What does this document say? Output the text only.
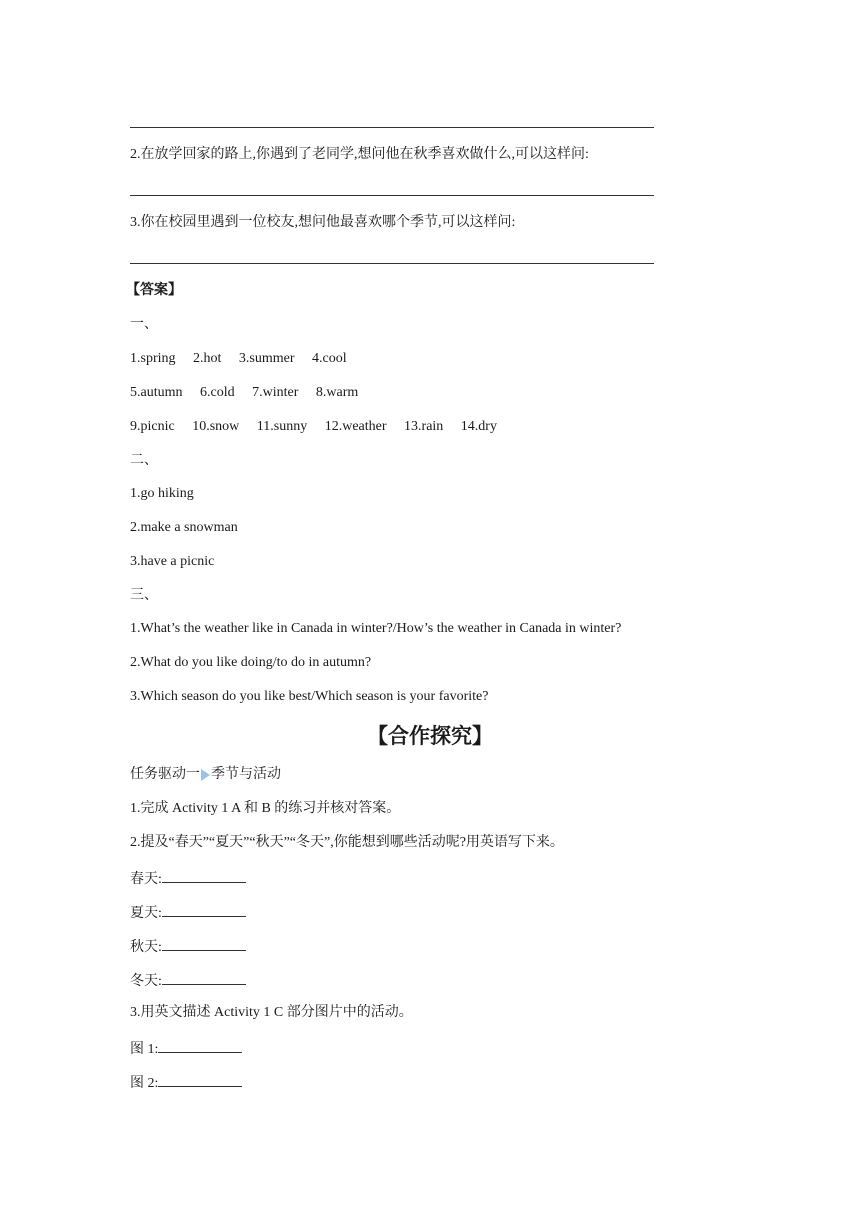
2.在放学回家的路上,你遇到了老同学,想问他在秋季喜欢做什么,可以这样问:
3.你在校园里遇到一位校友,想问他最喜欢哪个季节,可以这样问:
【答案】
一、
1.spring 2.hot 3.summer 4.cool
5.autumn 6.cold 7.winter 8.warm
9.picnic 10.snow 11.sunny 12.weather 13.rain 14.dry
二、
1.go hiking
2.make a snowman
3.have a picnic
三、
1.What’s the weather like in Canada in winter?/How’s the weather in Canada in winter?
2.What do you like doing/to do in autumn?
3.Which season do you like best/Which season is your favorite?
【合作探究】
任务驱动一 季节与活动
1.完成 Activity 1 A 和 B 的练习并核对答案。
2.提及“春天”“夏天”“秋天”“冬天”,你能想到哪些活动呢?用英语写下来。
春天:
夏天:
秋天:
冬天:
3.用英文描述 Activity 1 C 部分图片中的活动。
图 1:
图 2:
